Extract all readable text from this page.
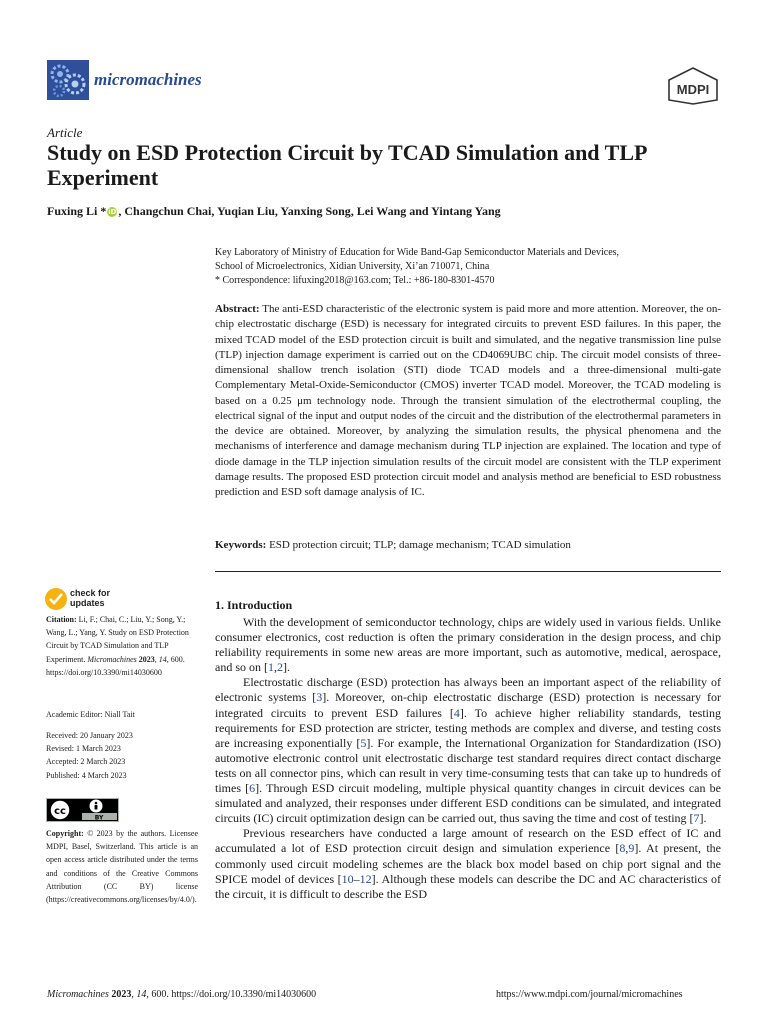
micromachines
MDPI
Article
Study on ESD Protection Circuit by TCAD Simulation and TLP Experiment
Fuxing Li * iD , Changchun Chai, Yuqian Liu, Yanxing Song, Lei Wang and Yintang Yang
Key Laboratory of Ministry of Education for Wide Band-Gap Semiconductor Materials and Devices,
School of Microelectronics, Xidian University, Xi’an 710071, China
* Correspondence: lifuxing2018@163.com; Tel.: +86-180-8301-4570

Abstract: The anti-ESD characteristic of the electronic system is paid more and more attention. Moreover, the on-chip electrostatic discharge (ESD) is necessary for integrated circuits to prevent ESD failures. In this paper, the mixed TCAD model of the ESD protection circuit is built and simulated, and the negative transmission line pulse (TLP) injection damage experiment is carried out on the CD4069UBC chip. The circuit model consists of three-dimensional shallow trench isolation (STI) diode TCAD models and a three-dimensional multi-gate Complementary Metal-Oxide-Semiconductor (CMOS) inverter TCAD model. Moreover, the TCAD modeling is based on a 0.25 μm technology node. Through the transient simulation of the electrothermal coupling, the electrical signal of the input and output nodes of the circuit and the distribution of the electrothermal parameters in the device are obtained. Moreover, by analyzing the simulation results, the physical phenomena and the mechanisms of interference and damage mechanism during TLP injection are explained. The location and type of diode damage in the TLP injection simulation results of the circuit model are consistent with the TLP experiment damage results. The proposed ESD protection circuit model and analysis method are beneficial to ESD robustness prediction and ESD soft damage analysis of IC.

Keywords: ESD protection circuit; TLP; damage mechanism; TCAD simulation
check for
updates
Citation: Li, F.; Chai, C.; Liu, Y.; Song, Y.; Wang, L.; Yang, Y. Study on ESD Protection Circuit by TCAD Simulation and TLP Experiment. Micromachines 2023, 14, 600. https://doi.org/10.3390/mi14030600
Academic Editor: Niall Tait
Received: 20 January 2023
Revised: 1 March 2023
Accepted: 2 March 2023
Published: 4 March 2023
cc
BY
Copyright: © 2023 by the authors. Licensee MDPI, Basel, Switzerland. This article is an open access article distributed under the terms and conditions of the Creative Commons Attribution (CC BY) license (https://creativecommons.org/licenses/by/4.0/).
1. Introduction

With the development of semiconductor technology, chips are widely used in various fields. Unlike consumer electronics, cost reduction is often the primary consideration in the design process, and chip reliability requirements in some new areas are more important, such as automotive, medical, aerospace, and so on [1,2].

Electrostatic discharge (ESD) protection has always been an important aspect of the reliability of electronic systems [3]. Moreover, on-chip electrostatic discharge (ESD) protection is necessary for integrated circuits to prevent ESD failures [4]. To achieve higher reliability standards, testing requirements for ESD protection are stricter, testing methods are complex and diverse, and testing costs are increasing exponentially [5]. For example, the International Organization for Standardization (ISO) automotive electronic control unit electrostatic discharge test standard requires direct contact discharge tests on all connector pins, which can result in very time-consuming tests that can take up to hundreds of times [6]. Through ESD circuit modeling, multiple physical quantity changes in circuit devices can be simulated and analyzed, their responses under different ESD conditions can be simulated, and integrated circuits (IC) circuit optimization design can be carried out, thus saving the time and cost of testing [7].

Previous researchers have conducted a large amount of research on the ESD effect of IC and accumulated a lot of ESD protection circuit design and simulation experience [8,9]. At present, the commonly used circuit modeling schemes are the black box model based on chip port signal and the SPICE model of devices [10–12]. Although these models can describe the DC and AC characteristics of the circuit, it is difficult to describe the ESD

Micromachines 2023, 14, 600. https://doi.org/10.3390/mi14030600	https://www.mdpi.com/journal/micromachines
